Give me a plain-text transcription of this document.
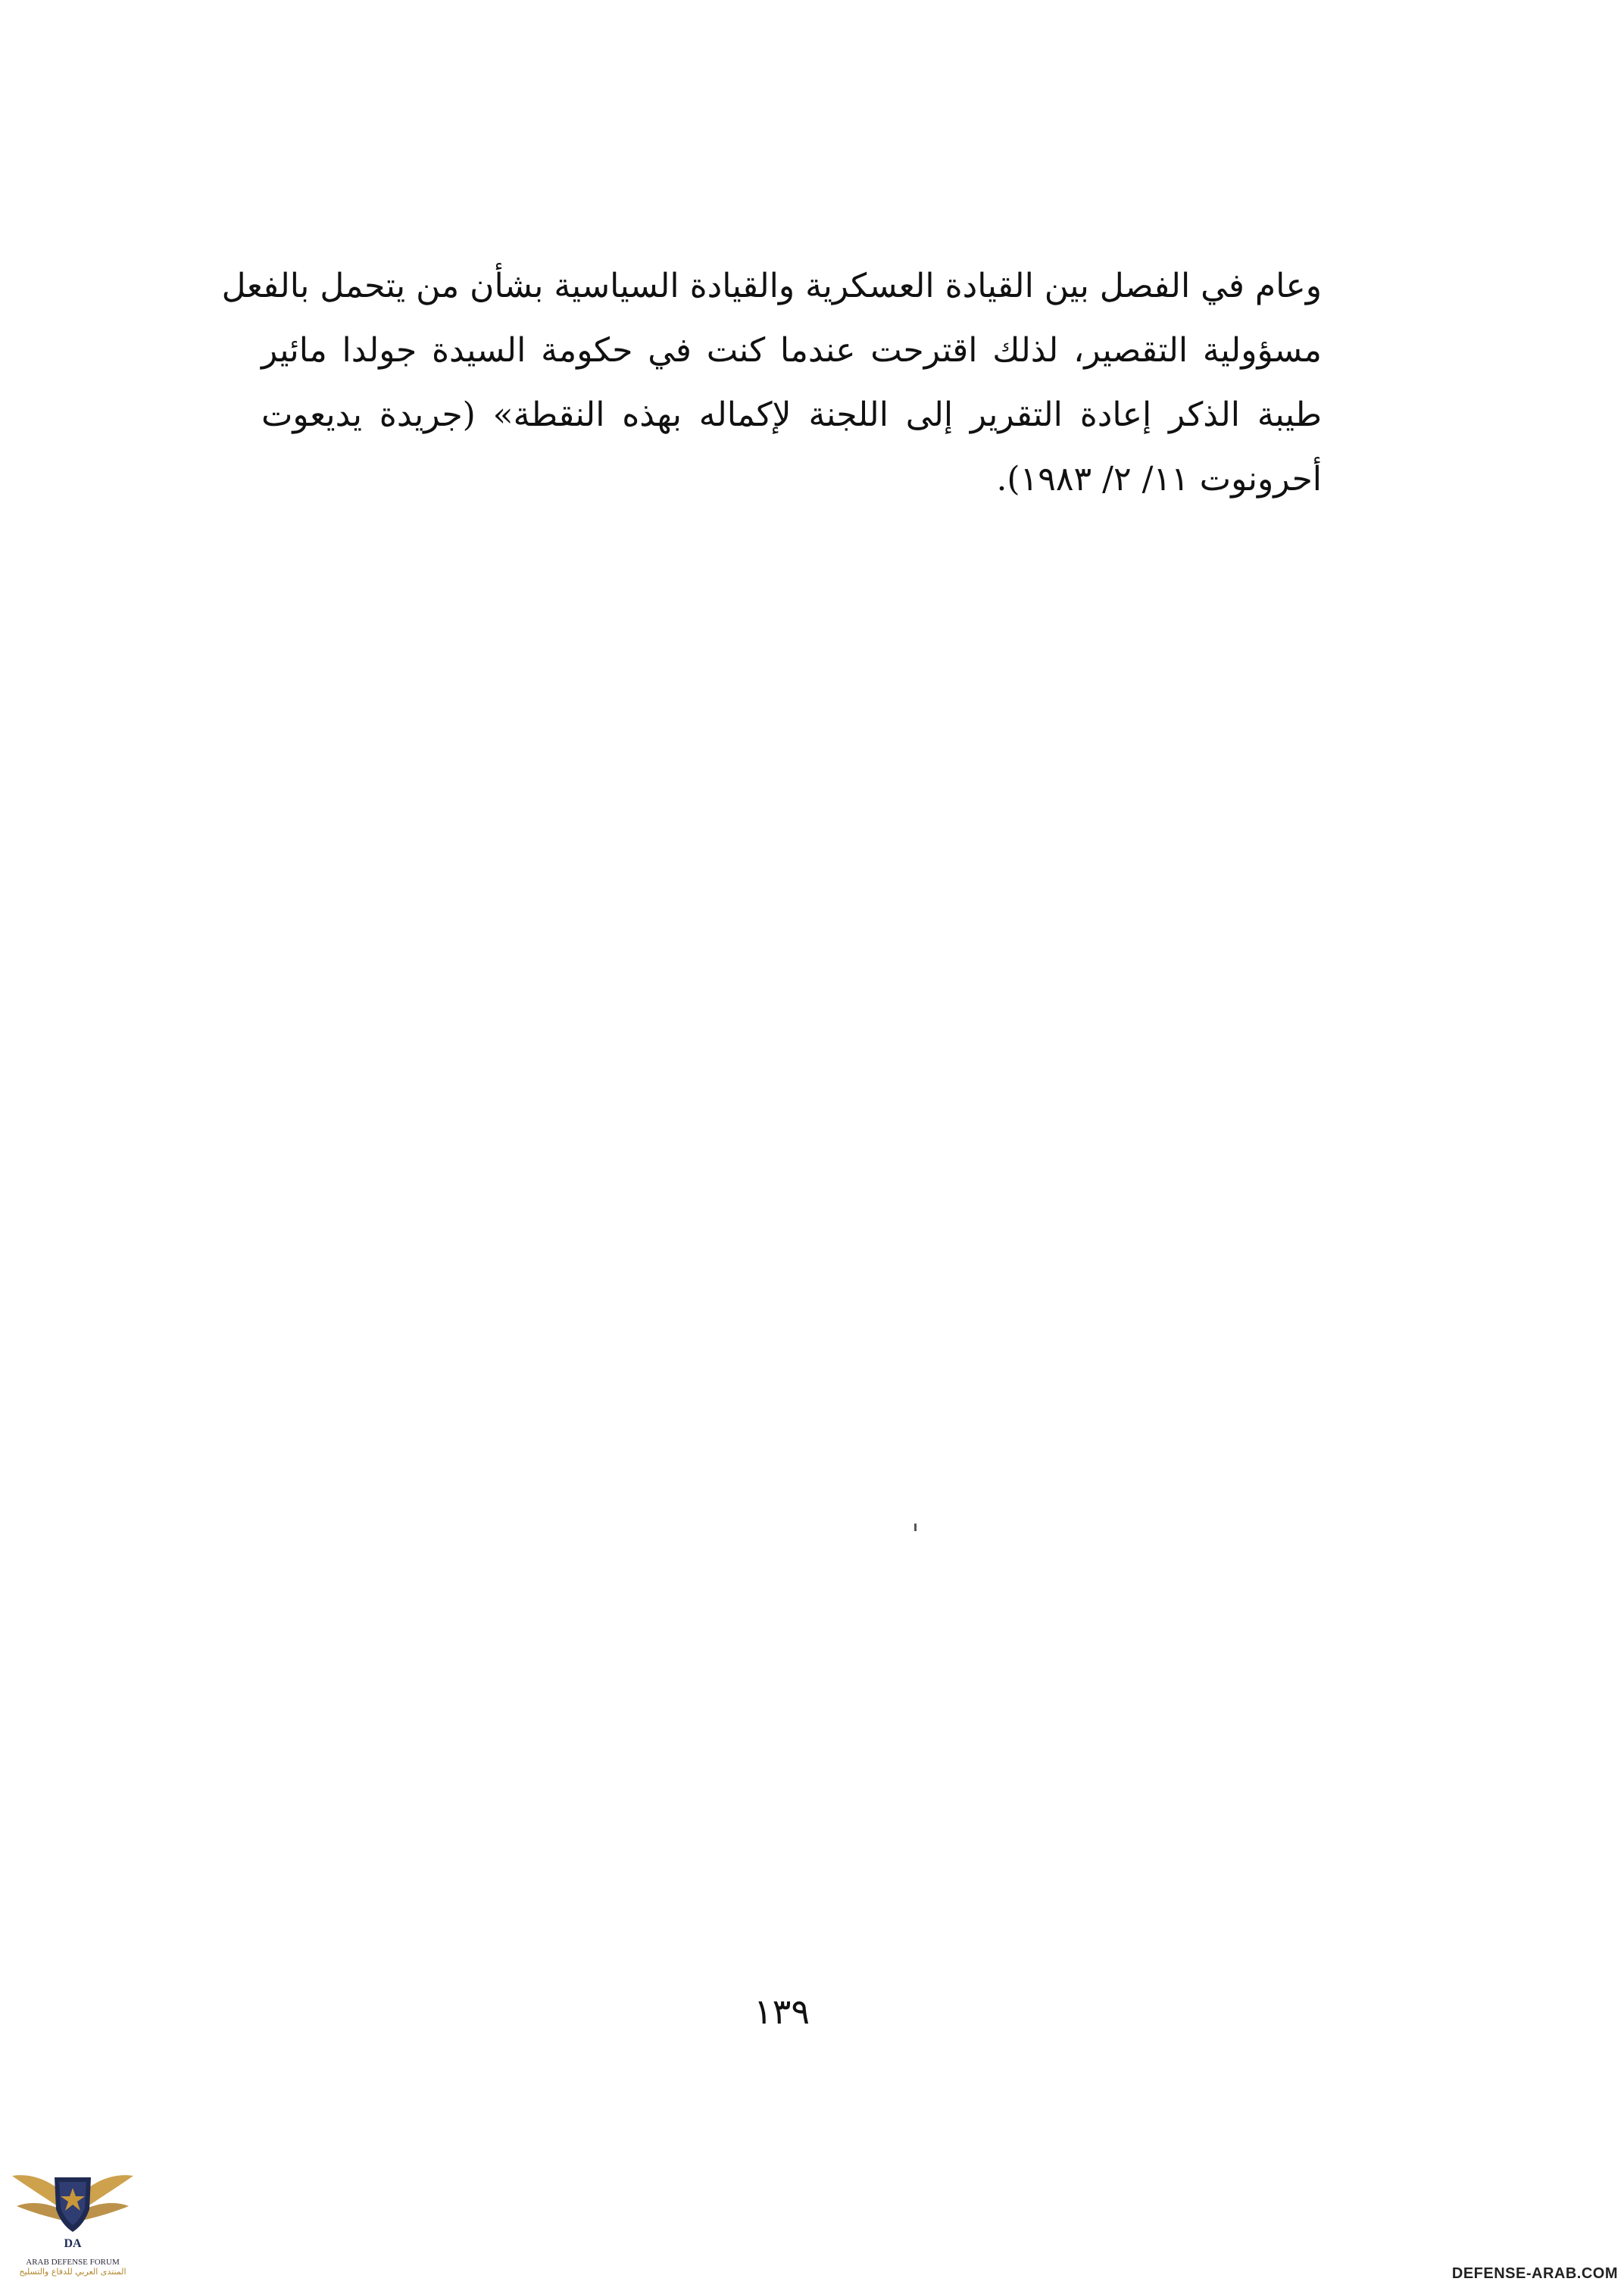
وعام في الفصل بين القيادة العسكرية والقيادة السياسية بشأن من يتحمل بالفعل
مسؤولية التقصير، لذلك اقترحت عندما كنت في حكومة السيدة جولدا مائير
طيبة الذكر إعادة التقرير إلى اللجنة لإكماله بهذه النقطة» (جريدة يديعوت
أحرونوت ١١/ ٢/ ١٩٨٣).
١٣٩
DA
ARAB DEFENSE FORUM
المنتدى العربي للدفاع والتسليح	DEFENSE-ARAB.COM
